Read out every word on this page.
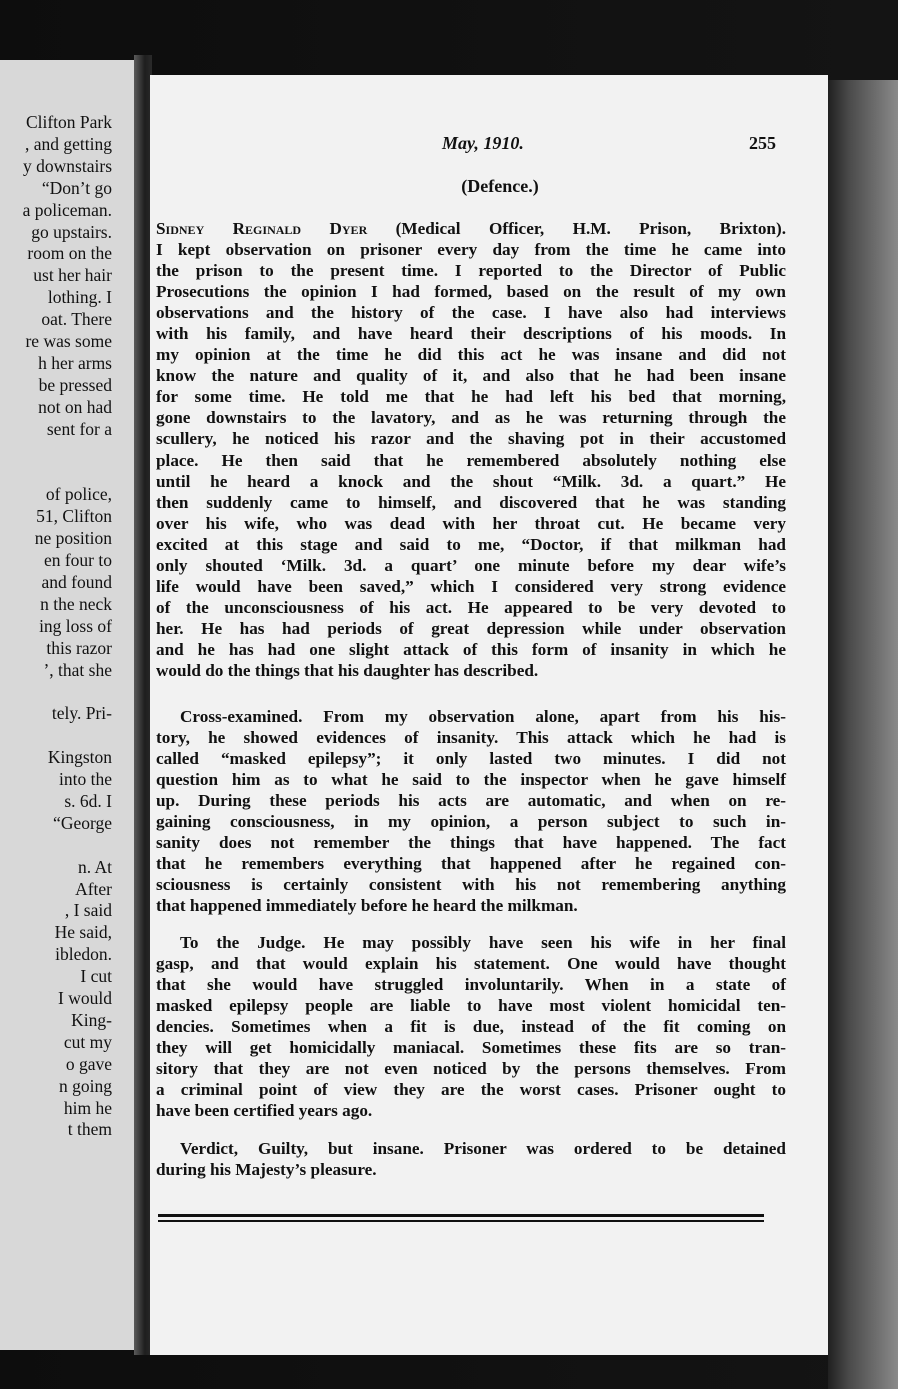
Clifton Park
, and getting
y downstairs
“Don’t go
a policeman.
go upstairs.
room on the
ust her hair
lothing. I
oat. There
re was some
h her arms
be pressed
not on had
sent for a
of police,
51, Clifton
ne position
en four to
and found
n the neck
ing loss of
this razor
’, that she
tely. Pri-
Kingston
into the
s. 6d. I
“George
n. At
After
, I said
He said,
ibledon.
I cut
I would
King-
cut my
o gave
n going
him he
t them
May, 1910.	255
(Defence.)
Sidney Reginald Dyer (Medical Officer, H.M. Prison, Brixton).
I kept observation on prisoner every day from the time he came into
the prison to the present time. I reported to the Director of Public
Prosecutions the opinion I had formed, based on the result of my own
observations and the history of the case. I have also had interviews
with his family, and have heard their descriptions of his moods. In
my opinion at the time he did this act he was insane and did not
know the nature and quality of it, and also that he had been insane
for some time. He told me that he had left his bed that morning,
gone downstairs to the lavatory, and as he was returning through the
scullery, he noticed his razor and the shaving pot in their accustomed
place. He then said that he remembered absolutely nothing else
until he heard a knock and the shout “Milk. 3d. a quart.” He
then suddenly came to himself, and discovered that he was standing
over his wife, who was dead with her throat cut. He became very
excited at this stage and said to me, “Doctor, if that milkman had
only shouted ‘Milk. 3d. a quart’ one minute before my dear wife’s
life would have been saved,” which I considered very strong evidence
of the unconsciousness of his act. He appeared to be very devoted to
her. He has had periods of great depression while under observation
and he has had one slight attack of this form of insanity in which he
would do the things that his daughter has described.
Cross-examined. From my observation alone, apart from his his-
tory, he showed evidences of insanity. This attack which he had is
called “masked epilepsy”; it only lasted two minutes. I did not
question him as to what he said to the inspector when he gave himself
up. During these periods his acts are automatic, and when on re-
gaining consciousness, in my opinion, a person subject to such in-
sanity does not remember the things that have happened. The fact
that he remembers everything that happened after he regained con-
sciousness is certainly consistent with his not remembering anything
that happened immediately before he heard the milkman.
To the Judge. He may possibly have seen his wife in her final
gasp, and that would explain his statement. One would have thought
that she would have struggled involuntarily. When in a state of
masked epilepsy people are liable to have most violent homicidal ten-
dencies. Sometimes when a fit is due, instead of the fit coming on
they will get homicidally maniacal. Sometimes these fits are so tran-
sitory that they are not even noticed by the persons themselves. From
a criminal point of view they are the worst cases. Prisoner ought to
have been certified years ago.
Verdict, Guilty, but insane. Prisoner was ordered to be detained
during his Majesty’s pleasure.
